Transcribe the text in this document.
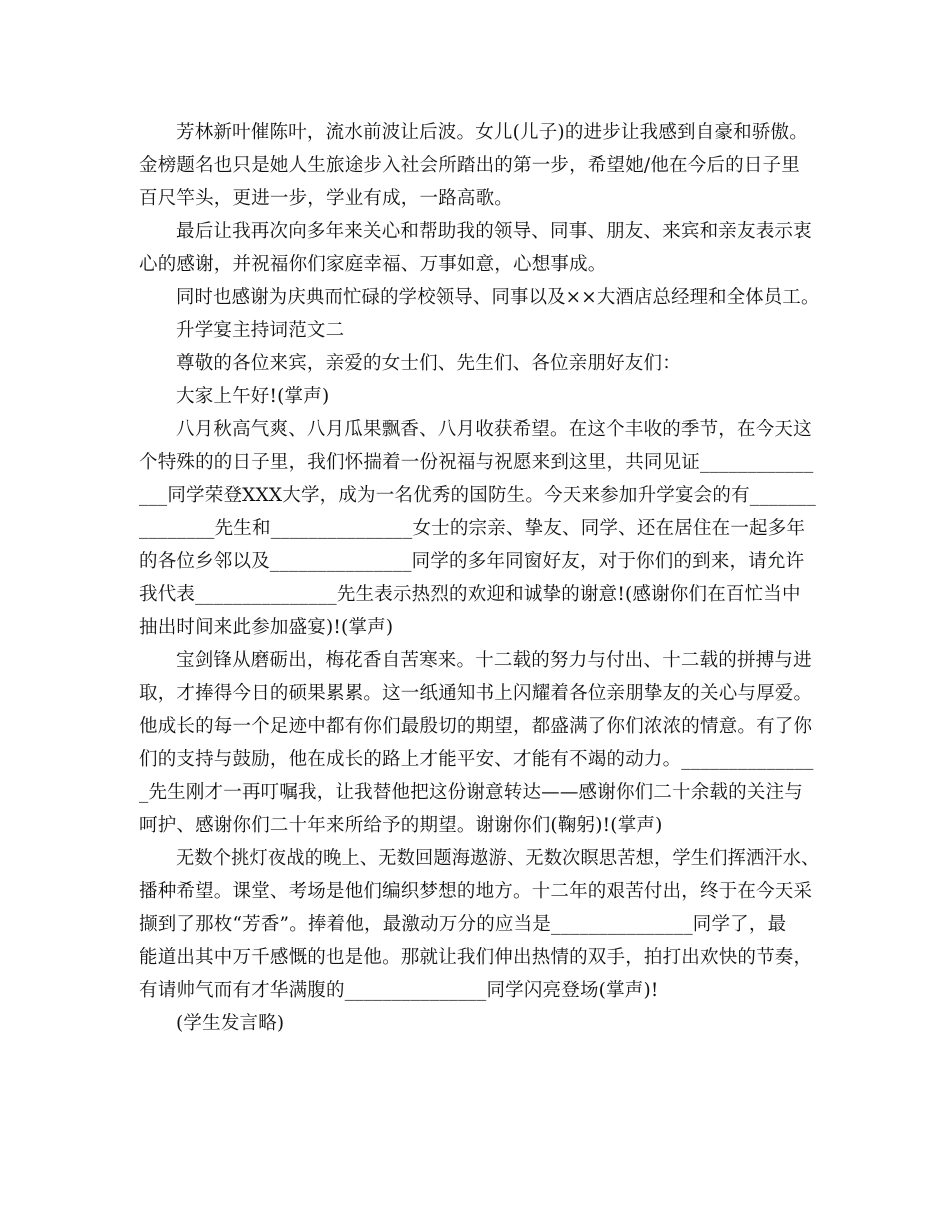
芳林新叶催陈叶，流水前波让后波。女儿(儿子)的进步让我感到自豪和骄傲。
金榜题名也只是她人生旅途步入社会所踏出的第一步，希望她/他在今后的日子里
百尺竿头，更进一步，学业有成，一路高歌。
最后让我再次向多年来关心和帮助我的领导、同事、朋友、来宾和亲友表示衷
心的感谢，并祝福你们家庭幸福、万事如意，心想事成。
同时也感谢为庆典而忙碌的学校领导、同事以及××大酒店总经理和全体员工。
升学宴主持词范文二
尊敬的各位来宾，亲爱的女士们、先生们、各位亲朋好友们：
大家上午好!(掌声)
八月秋高气爽、八月瓜果飘香、八月收获希望。在这个丰收的季节，在今天这
个特殊的的日子里，我们怀揣着一份祝福与祝愿来到这里，共同见证____________
___同学荣登XXX大学，成为一名优秀的国防生。今天来参加升学宴会的有_______
________先生和_______________女士的宗亲、挚友、同学、还在居住在一起多年
的各位乡邻以及_______________同学的多年同窗好友，对于你们的到来，请允许
我代表_______________先生表示热烈的欢迎和诚挚的谢意!(感谢你们在百忙当中
抽出时间来此参加盛宴)!(掌声)
宝剑锋从磨砺出，梅花香自苦寒来。十二载的努力与付出、十二载的拼搏与进
取，才捧得今日的硕果累累。这一纸通知书上闪耀着各位亲朋挚友的关心与厚爱。
他成长的每一个足迹中都有你们最殷切的期望，都盛满了你们浓浓的情意。有了你
们的支持与鼓励，他在成长的路上才能平安、才能有不竭的动力。______________
_先生刚才一再叮嘱我，让我替他把这份谢意转达——感谢你们二十余载的关注与
呵护、感谢你们二十年来所给予的期望。谢谢你们(鞠躬)!(掌声)
无数个挑灯夜战的晚上、无数回题海遨游、无数次瞑思苦想，学生们挥洒汗水、
播种希望。课堂、考场是他们编织梦想的地方。十二年的艰苦付出，终于在今天采
撷到了那枚“芳香”。捧着他，最激动万分的应当是_______________同学了，最
能道出其中万千感慨的也是他。那就让我们伸出热情的双手，拍打出欢快的节奏，
有请帅气而有才华满腹的_______________同学闪亮登场(掌声)!
(学生发言略)
